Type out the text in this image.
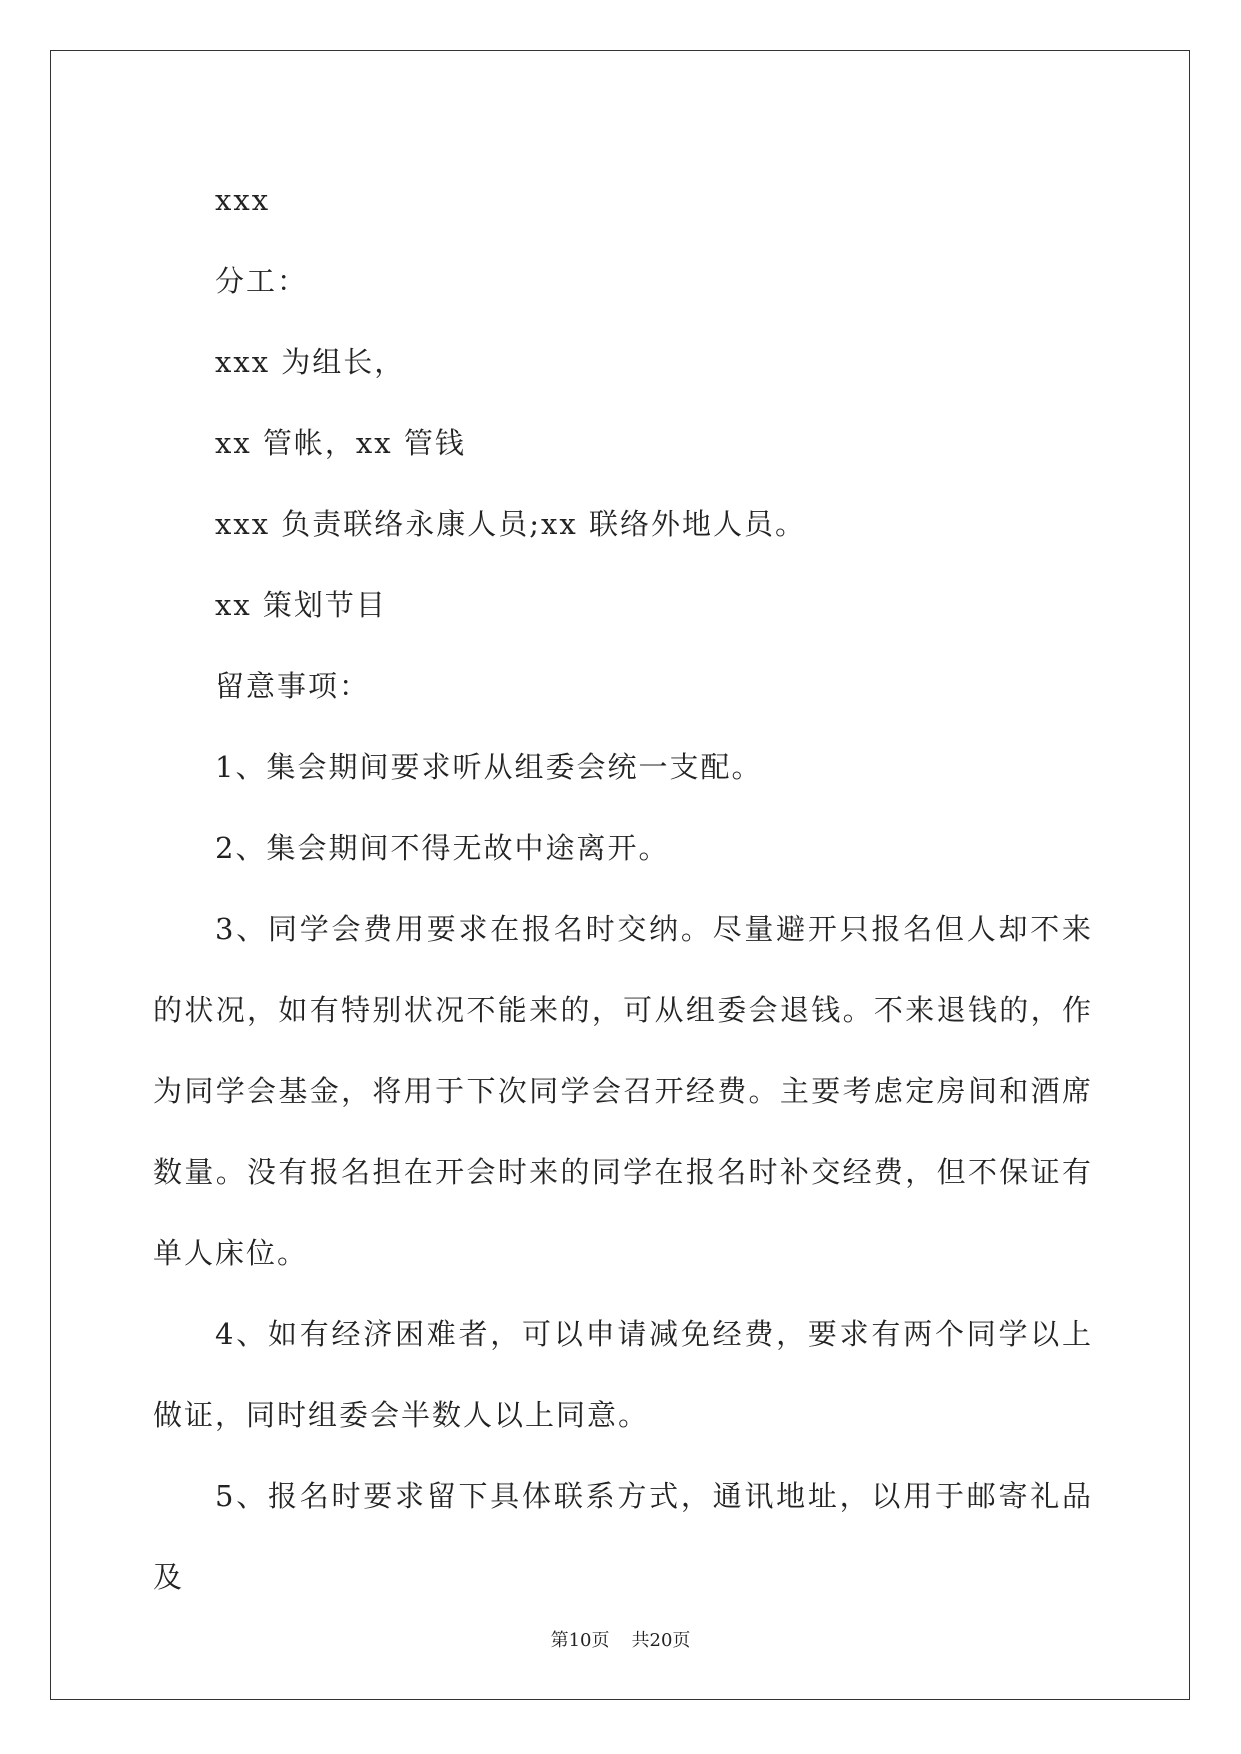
xxx

分工：

xxx 为组长，

xx 管帐，xx 管钱

xxx 负责联络永康人员;xx 联络外地人员。

xx 策划节目

留意事项：

1、集会期间要求听从组委会统一支配。

2、集会期间不得无故中途离开。

3、同学会费用要求在报名时交纳。尽量避开只报名但人却不来的状况，如有特别状况不能来的，可从组委会退钱。不来退钱的，作为同学会基金，将用于下次同学会召开经费。主要考虑定房间和酒席数量。没有报名担在开会时来的同学在报名时补交经费，但不保证有单人床位。

4、如有经济困难者，可以申请减免经费，要求有两个同学以上做证，同时组委会半数人以上同意。

5、报名时要求留下具体联系方式，通讯地址，以用于邮寄礼品及

第10页 共20页
